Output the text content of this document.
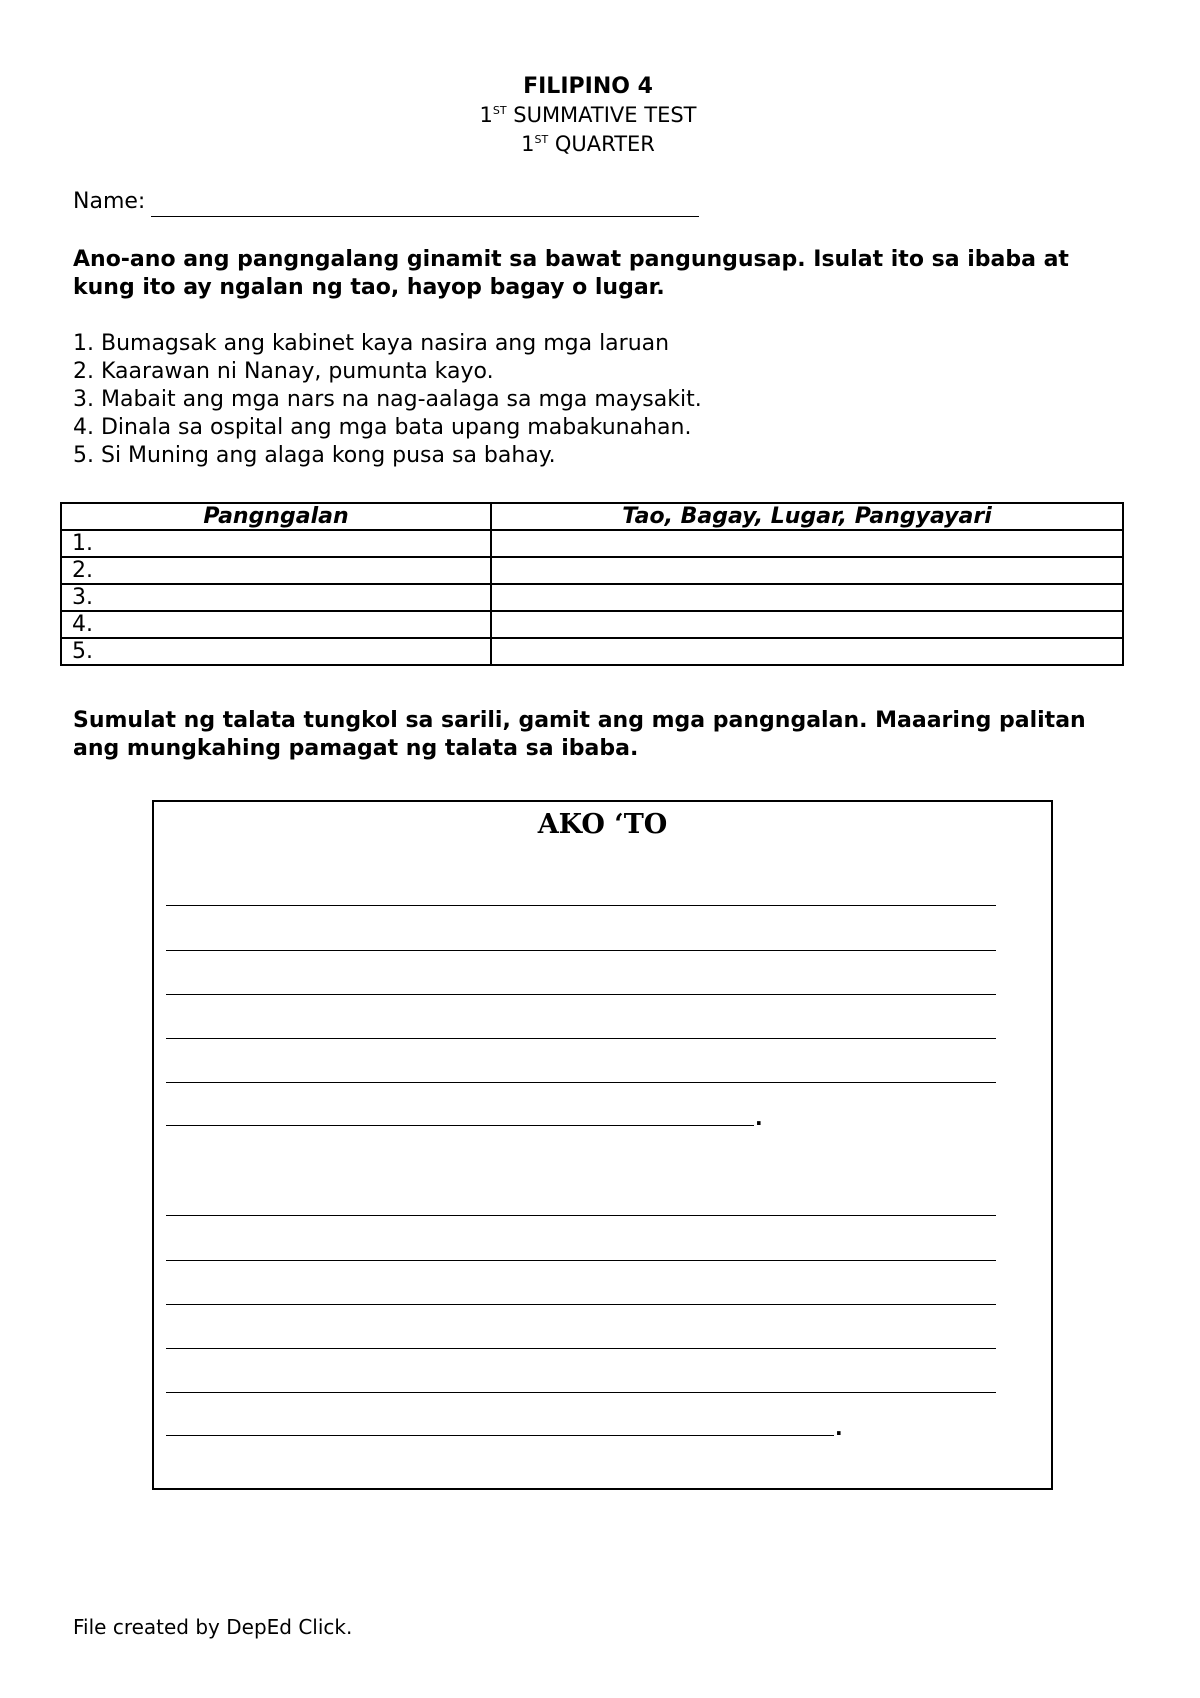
FILIPINO 4
1ST SUMMATIVE TEST
1ST QUARTER
Name:
Ano-ano ang pangngalang ginamit sa bawat pangungusap. Isulat ito sa ibaba at kung ito ay ngalan ng tao, hayop bagay o lugar.
1. Bumagsak ang kabinet kaya nasira ang mga laruan
2. Kaarawan ni Nanay, pumunta kayo.
3. Mabait ang mga nars na nag-aalaga sa mga maysakit.
4. Dinala sa ospital ang mga bata upang mabakunahan.
5. Si Muning ang alaga kong pusa sa bahay.
Pangngalan	Tao, Bagay, Lugar, Pangyayari
1.	
2.	
3.	
4.	
5.	
Sumulat ng talata tungkol sa sarili, gamit ang mga pangngalan. Maaaring palitan ang mungkahing pamagat ng talata sa ibaba.
AKO ‘TO
.
.
File created by DepEd Click.
